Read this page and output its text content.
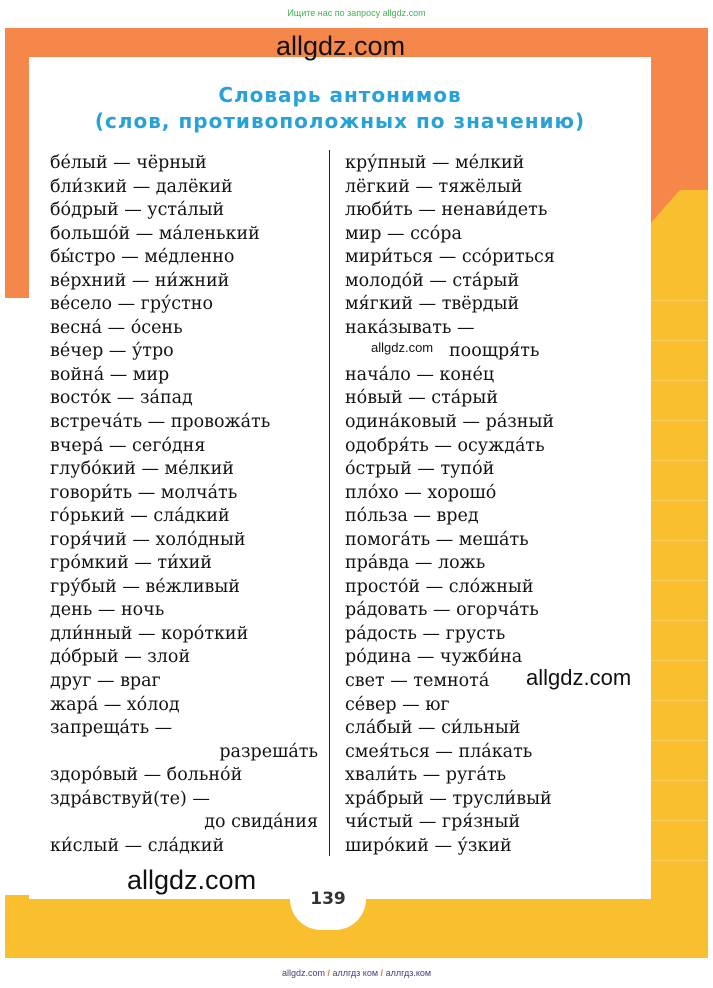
Ищите нас по запросу allgdz.com
allgdz.com
Словарь антонимов
(слов, противоположных по значению)
бе́лый — чёрный
бли́зкий — далёкий
бо́дрый — уста́лый
большо́й — ма́ленький
бы́стро — ме́дленно
ве́рхний — ни́жний
ве́село — гру́стно
весна́ — о́сень
ве́чер — у́тро
война́ — мир
восто́к — за́пад
встреча́ть — провожа́ть
вчера́ — сего́дня
глубо́кий — ме́лкий
говори́ть — молча́ть
го́рький — сла́дкий
горя́чий — холо́дный
гро́мкий — ти́хий
гру́бый — ве́жливый
день — ночь
дли́нный — коро́ткий
до́брый — злой
друг — враг
жара́ — хо́лод
запреща́ть —
разреша́ть
здоро́вый — больно́й
здра́вствуй(те) —
до свида́ния
ки́слый — сла́дкий
кру́пный — ме́лкий
лёгкий — тяжёлый
люби́ть — ненави́деть
мир — ссо́ра
мири́ться — ссо́риться
молодо́й — ста́рый
мя́гкий — твёрдый
нака́зывать —
поощря́ть
нача́ло — коне́ц
но́вый — ста́рый
одина́ковый — ра́зный
одобря́ть — осужда́ть
о́стрый — тупо́й
пло́хо — хорошо́
по́льза — вред
помога́ть — меша́ть
пра́вда — ложь
просто́й — сло́жный
ра́довать — огорча́ть
ра́дость — грусть
ро́дина — чужби́на
свет — темнота́
се́вер — юг
сла́бый — си́льный
смея́ться — пла́кать
хвали́ть — руга́ть
хра́брый — трусли́вый
чи́стый — гря́зный
широ́кий — у́зкий
allgdz.com
allgdz.com
allgdz.com
139
allgdz.com / аллгдз ком / аллгдз.ком
